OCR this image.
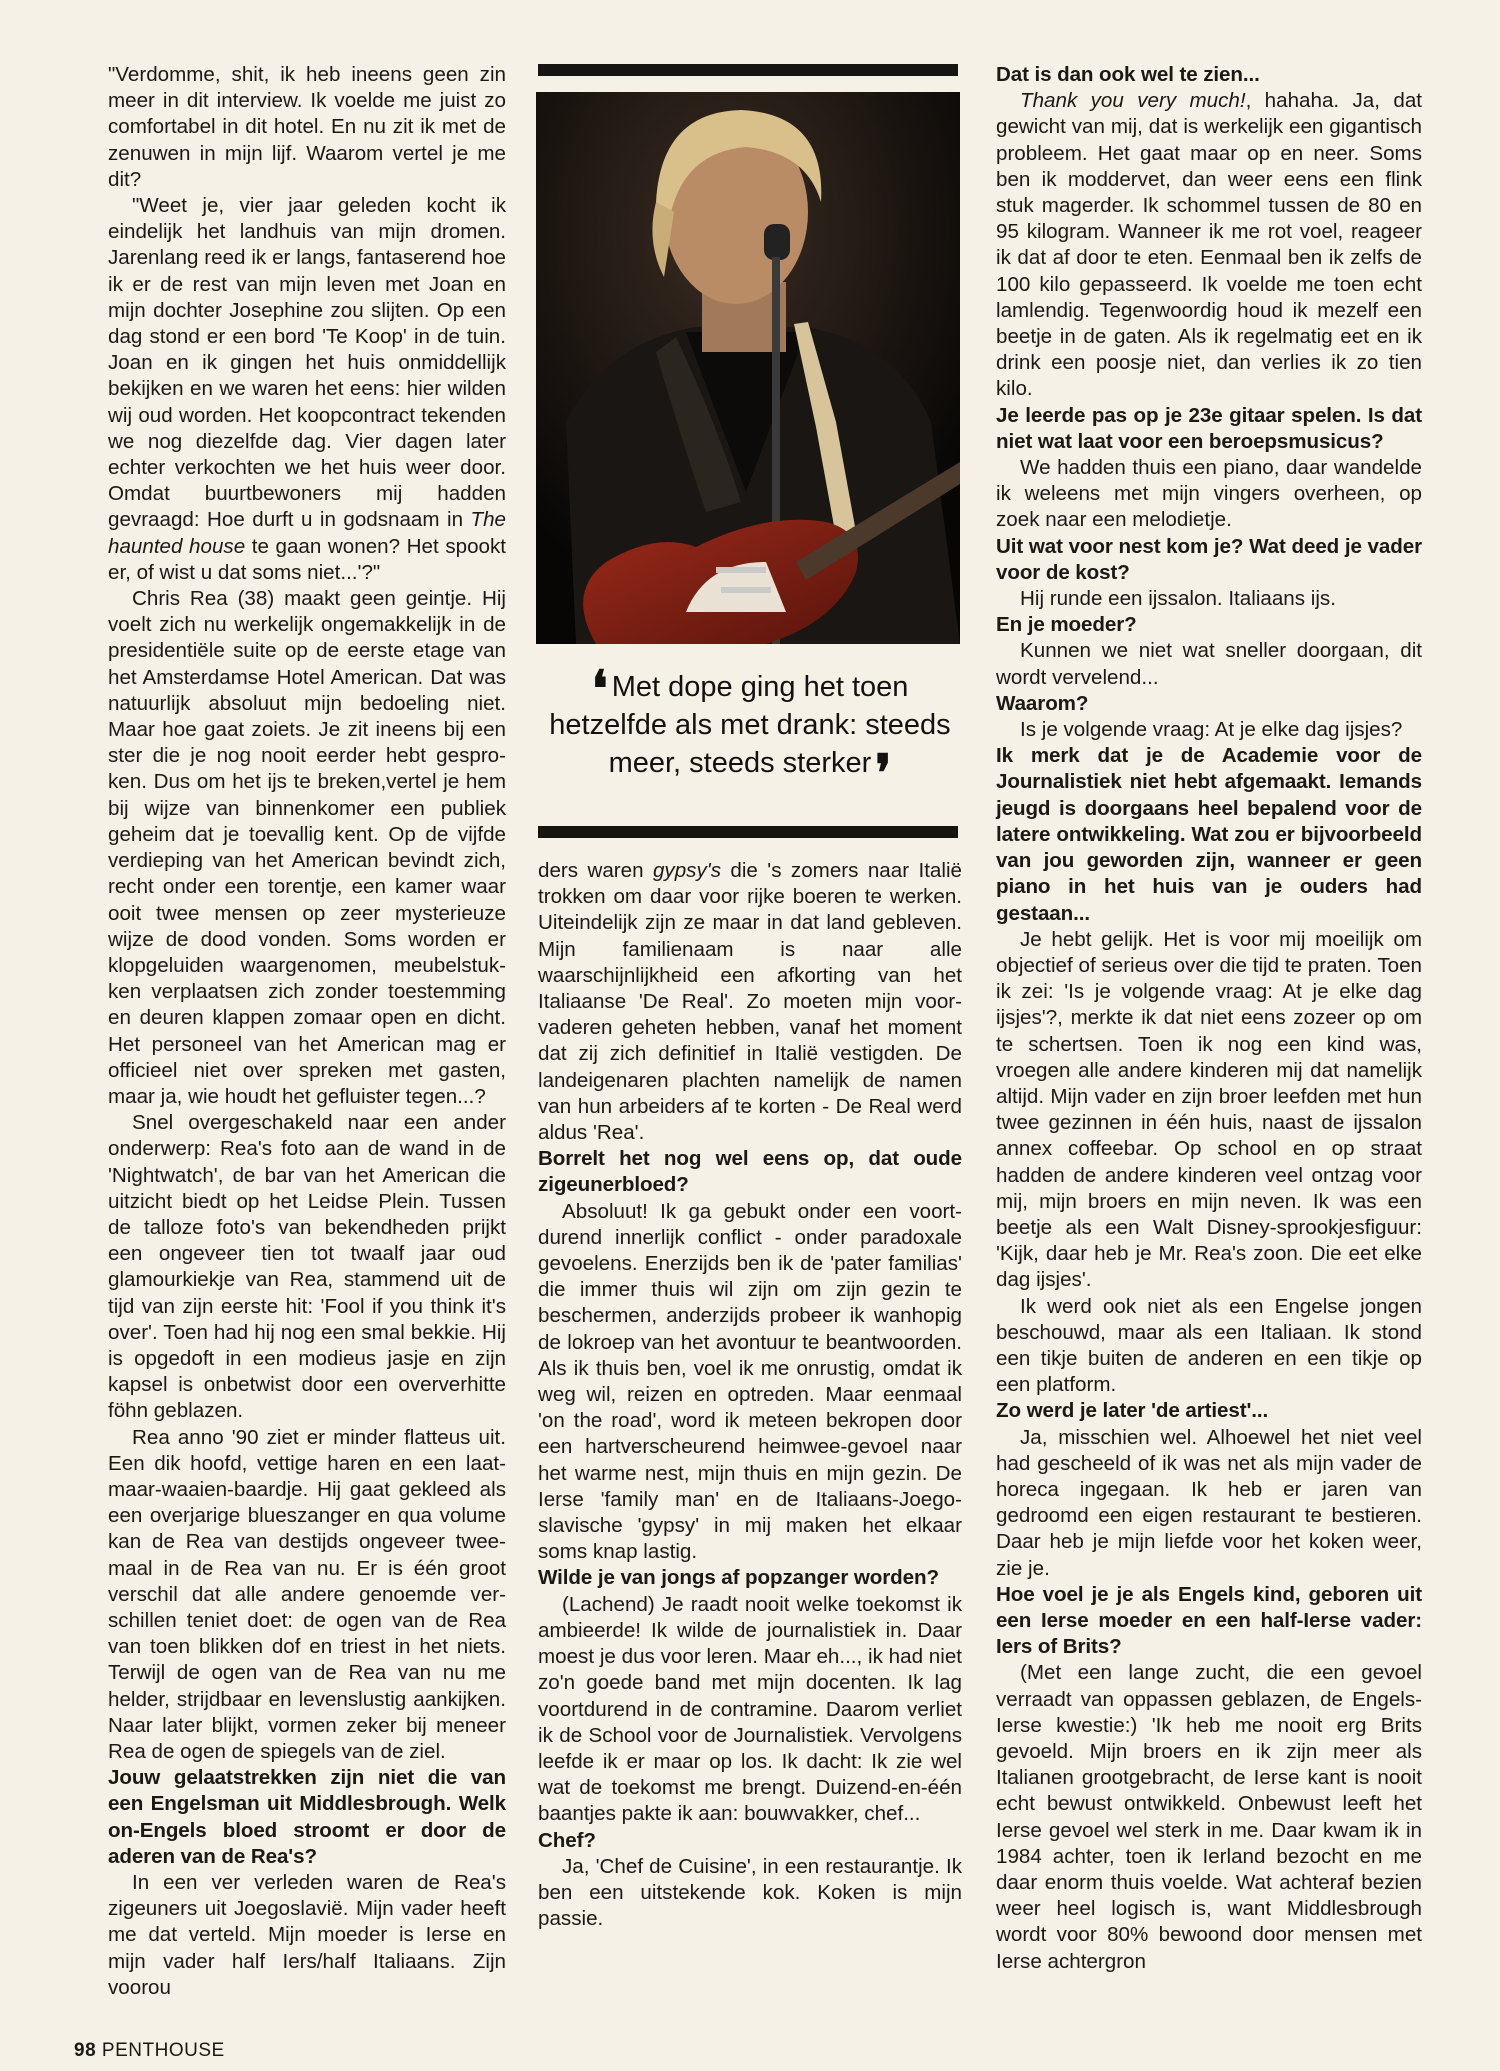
"Verdomme, shit, ik heb ineens geen zin meer in dit interview. Ik voelde me juist zo comfortabel in dit hotel. En nu zit ik met de zenuwen in mijn lijf. Waarom vertel je me dit?

"Weet je, vier jaar geleden kocht ik eindelijk het landhuis van mijn dromen. Jarenlang reed ik er langs, fantaserend hoe ik er de rest van mijn leven met Joan en mijn dochter Josephine zou slijten. Op een dag stond er een bord 'Te Koop' in de tuin. Joan en ik gingen het huis onmiddellijk bekijken en we waren het eens: hier wilden wij oud worden. Het koopcontract tekenden we nog diezelfde dag. Vier dagen later echter verkochten we het huis weer door. Omdat buurtbewoners mij hadden gevraagd: Hoe durft u in godsnaam in The haunted house te gaan wonen? Het spookt er, of wist u dat soms niet...'?"

Chris Rea (38) maakt geen geintje. Hij voelt zich nu werkelijk ongemakkelijk in de presidentiële suite op de eerste etage van het Amsterdamse Hotel American. Dat was natuurlijk absoluut mijn bedoeling niet. Maar hoe gaat zoiets. Je zit ineens bij een ster die je nog nooit eerder hebt gesproken. Dus om het ijs te breken,vertel je hem bij wijze van binnenkomer een publiek geheim dat je toevallig kent. Op de vijfde verdieping van het American bevindt zich, recht onder een torentje, een kamer waar ooit twee mensen op zeer mysterieuze wijze de dood vonden. Soms worden er klopgeluiden waargenomen, meubelstukken verplaatsen zich zonder toestemming en deuren klappen zomaar open en dicht. Het personeel van het American mag er officieel niet over spreken met gasten, maar ja, wie houdt het gefluister tegen...?

Snel overgeschakeld naar een ander onderwerp: Rea's foto aan de wand in de 'Nightwatch', de bar van het American die uitzicht biedt op het Leidse Plein. Tussen de talloze foto's van bekendheden prijkt een ongeveer tien tot twaalf jaar oud glamourkiekje van Rea, stammend uit de tijd van zijn eerste hit: 'Fool if you think it's over'. Toen had hij nog een smal bekkie. Hij is opgedoft in een modieus jasje en zijn kapsel is onbetwist door een oververhitte föhn geblazen.

Rea anno '90 ziet er minder flatteus uit. Een dik hoofd, vettige haren en een laatmaar-waaien-baardje. Hij gaat gekleed als een overjarige blueszanger en qua volume kan de Rea van destijds ongeveer tweemaal in de Rea van nu. Er is één groot verschil dat alle andere genoemde verschillen teniet doet: de ogen van de Rea van toen blikken dof en triest in het niets. Terwijl de ogen van de Rea van nu me helder, strijdbaar en levenslustig aankijken. Naar later blijkt, vormen zeker bij meneer Rea de ogen de spiegels van de ziel.

Jouw gelaatstrekken zijn niet die van een Engelsman uit Middlesbrough. Welk on-Engels bloed stroomt er door de aderen van de Rea's?

In een ver verleden waren de Rea's zigeuners uit Joegoslavië. Mijn vader heeft me dat verteld. Mijn moeder is Ierse en mijn vader half Iers/half Italiaans. Zijn voorou

❛ Met dope ging het toen hetzelfde als met drank: steeds meer, steeds sterker❜

ders waren gypsy's die 's zomers naar Italië trokken om daar voor rijke boeren te werken. Uiteindelijk zijn ze maar in dat land gebleven. Mijn familienaam is naar alle waarschijnlijkheid een afkorting van het Italiaanse 'De Real'. Zo moeten mijn voorvaderen geheten hebben, vanaf het moment dat zij zich definitief in Italië vestigden. De landeigenaren plachten namelijk de namen van hun arbeiders af te korten - De Real werd aldus 'Rea'.

Borrelt het nog wel eens op, dat oude zigeunerbloed?

Absoluut! Ik ga gebukt onder een voortdurend innerlijk conflict - onder paradoxale gevoelens. Enerzijds ben ik de 'pater familias' die immer thuis wil zijn om zijn gezin te beschermen, anderzijds probeer ik wanhopig de lokroep van het avontuur te beantwoorden. Als ik thuis ben, voel ik me onrustig, omdat ik weg wil, reizen en optreden. Maar eenmaal 'on the road', word ik meteen bekropen door een hartverscheurend heimwee-gevoel naar het warme nest, mijn thuis en mijn gezin. De Ierse 'family man' en de Italiaans-Joegoslavische 'gypsy' in mij maken het elkaar soms knap lastig.

Wilde je van jongs af popzanger worden?

(Lachend) Je raadt nooit welke toekomst ik ambieerde! Ik wilde de journalistiek in. Daar moest je dus voor leren. Maar eh..., ik had niet zo'n goede band met mijn docenten. Ik lag voortdurend in de contramine. Daarom verliet ik de School voor de Journalistiek. Vervolgens leefde ik er maar op los. Ik dacht: Ik zie wel wat de toekomst me brengt. Duizend-en-één baantjes pakte ik aan: bouwvakker, chef...

Chef?

Ja, 'Chef de Cuisine', in een restaurantje. Ik ben een uitstekende kok. Koken is mijn passie.

Dat is dan ook wel te zien...

Thank you very much!, hahaha. Ja, dat gewicht van mij, dat is werkelijk een gigantisch probleem. Het gaat maar op en neer. Soms ben ik moddervet, dan weer eens een flink stuk magerder. Ik schommel tussen de 80 en 95 kilogram. Wanneer ik me rot voel, reageer ik dat af door te eten. Eenmaal ben ik zelfs de 100 kilo gepasseerd. Ik voelde me toen echt lamlendig. Tegenwoordig houd ik mezelf een beetje in de gaten. Als ik regelmatig eet en ik drink een poosje niet, dan verlies ik zo tien kilo.

Je leerde pas op je 23e gitaar spelen. Is dat niet wat laat voor een beroepsmusicus?

We hadden thuis een piano, daar wandelde ik weleens met mijn vingers overheen, op zoek naar een melodietje.

Uit wat voor nest kom je? Wat deed je vader voor de kost?

Hij runde een ijssalon. Italiaans ijs.

En je moeder?

Kunnen we niet wat sneller doorgaan, dit wordt vervelend...

Waarom?

Is je volgende vraag: At je elke dag ijsjes?

Ik merk dat je de Academie voor de Journalistiek niet hebt afgemaakt. Iemands jeugd is doorgaans heel bepalend voor de latere ontwikkeling. Wat zou er bijvoorbeeld van jou geworden zijn, wanneer er geen piano in het huis van je ouders had gestaan...

Je hebt gelijk. Het is voor mij moeilijk om objectief of serieus over die tijd te praten. Toen ik zei: 'Is je volgende vraag: At je elke dag ijsjes'?, merkte ik dat niet eens zozeer op om te schertsen. Toen ik nog een kind was, vroegen alle andere kinderen mij dat namelijk altijd. Mijn vader en zijn broer leefden met hun twee gezinnen in één huis, naast de ijssalon annex coffeebar. Op school en op straat hadden de andere kinderen veel ontzag voor mij, mijn broers en mijn neven. Ik was een beetje als een Walt Disney-sprookjesfiguur: 'Kijk, daar heb je Mr. Rea's zoon. Die eet elke dag ijsjes'.

Ik werd ook niet als een Engelse jongen beschouwd, maar als een Italiaan. Ik stond een tikje buiten de anderen en een tikje op een platform.

Zo werd je later 'de artiest'...

Ja, misschien wel. Alhoewel het niet veel had gescheeld of ik was net als mijn vader de horeca ingegaan. Ik heb er jaren van gedroomd een eigen restaurant te bestieren. Daar heb je mijn liefde voor het koken weer, zie je.

Hoe voel je je als Engels kind, geboren uit een Ierse moeder en een half-Ierse vader: Iers of Brits?

(Met een lange zucht, die een gevoel verraadt van oppassen geblazen, de Engels-Ierse kwestie:) 'Ik heb me nooit erg Brits gevoeld. Mijn broers en ik zijn meer als Italianen grootgebracht, de Ierse kant is nooit echt bewust ontwikkeld. Onbewust leeft het Ierse gevoel wel sterk in me. Daar kwam ik in 1984 achter, toen ik Ierland bezocht en me daar enorm thuis voelde. Wat achteraf bezien weer heel logisch is, want Middlesbrough wordt voor 80% bewoond door mensen met Ierse achtergron

98 PENTHOUSE
